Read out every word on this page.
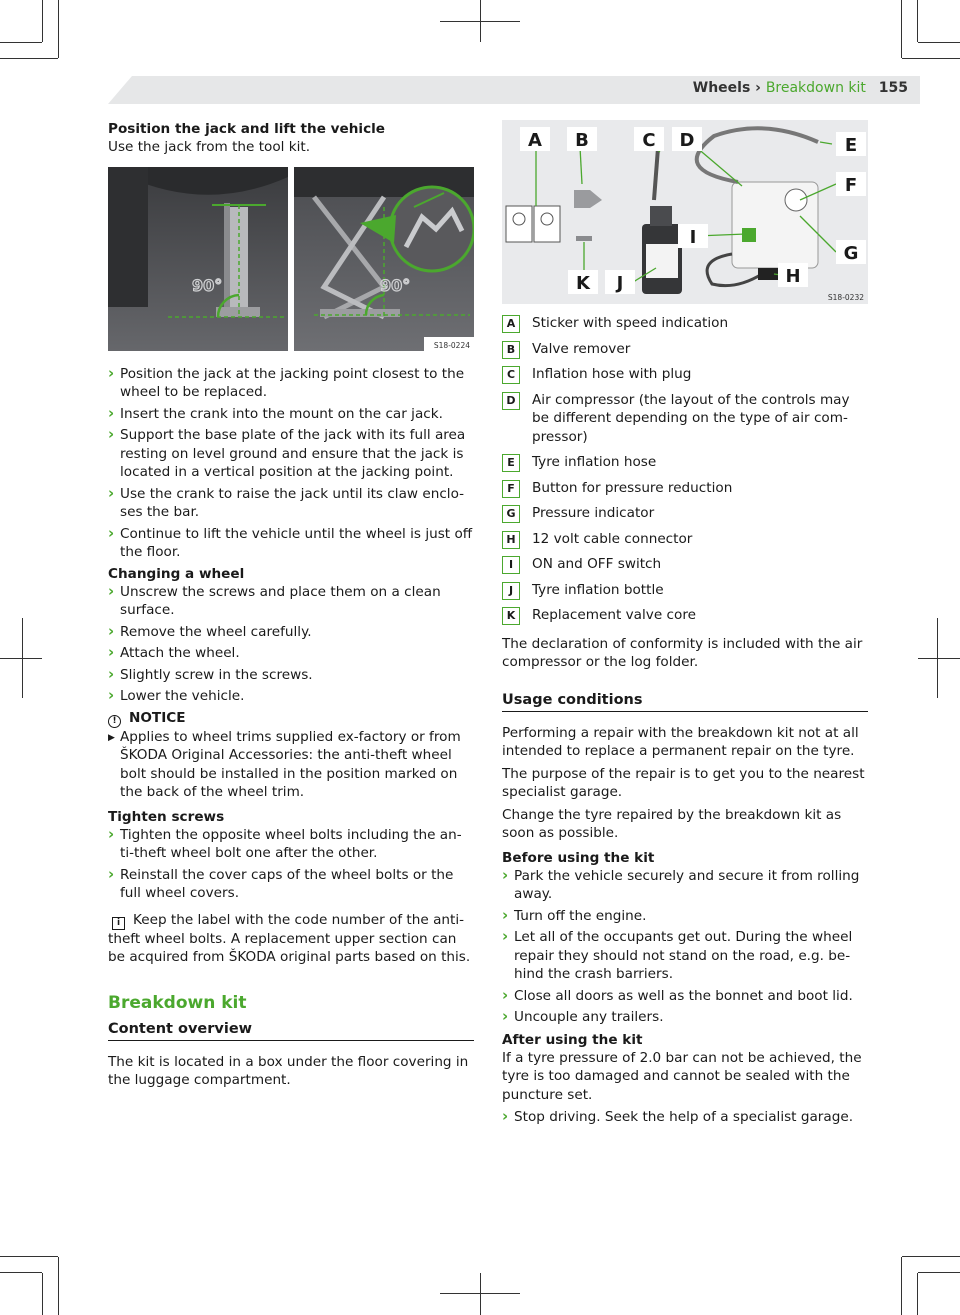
Wheels › Breakdown kit 155
Position the jack and lift the vehicle
Use the jack from the tool kit.
90°	90°
S18-0224
› Position the jack at the jacking point closest to the wheel to be replaced.
› Insert the crank into the mount on the car jack.
› Support the base plate of the jack with its full area resting on level ground and ensure that the jack is located in a vertical position at the jacking point.
› Use the crank to raise the jack until its claw enclo-ses the bar.
› Continue to lift the vehicle until the wheel is just off the floor.
Changing a wheel
› Unscrew the screws and place them on a clean surface.
› Remove the wheel carefully.
› Attach the wheel.
› Slightly screw in the screws.
› Lower the vehicle.
! NOTICE
▶ Applies to wheel trims supplied ex-factory or from ŠKODA Original Accessories: the anti-theft wheel bolt should be installed in the position marked on the back of the wheel trim.
Tighten screws
› Tighten the opposite wheel bolts including the an-ti-theft wheel bolt one after the other.
› Reinstall the cover caps of the wheel bolts or the full wheel covers.
i Keep the label with the code number of the anti-theft wheel bolts. A replacement upper section can be acquired from ŠKODA original parts based on this.
Breakdown kit
Content overview
The kit is located in a box under the floor covering in the luggage compartment.
A B	C D	E
F
G
H
I
J
K
S18-0232
A	Sticker with speed indication
B	Valve remover
C	Inflation hose with plug
D	Air compressor (the layout of the controls may be different depending on the type of air com-pressor)
E	Tyre inflation hose
F	Button for pressure reduction
G	Pressure indicator
H	12 volt cable connector
I	ON and OFF switch
J	Tyre inflation bottle
K	Replacement valve core
The declaration of conformity is included with the air compressor or the log folder.
Usage conditions
Performing a repair with the breakdown kit not at all intended to replace a permanent repair on the tyre.
The purpose of the repair is to get you to the nearest specialist garage.
Change the tyre repaired by the breakdown kit as soon as possible.
Before using the kit
› Park the vehicle securely and secure it from rolling away.
› Turn off the engine.
› Let all of the occupants get out. During the wheel repair they should not stand on the road, e.g. be-hind the crash barriers.
› Close all doors as well as the bonnet and boot lid.
› Uncouple any trailers.
After using the kit
If a tyre pressure of 2.0 bar can not be achieved, the tyre is too damaged and cannot be sealed with the puncture set.
› Stop driving. Seek the help of a specialist garage.
